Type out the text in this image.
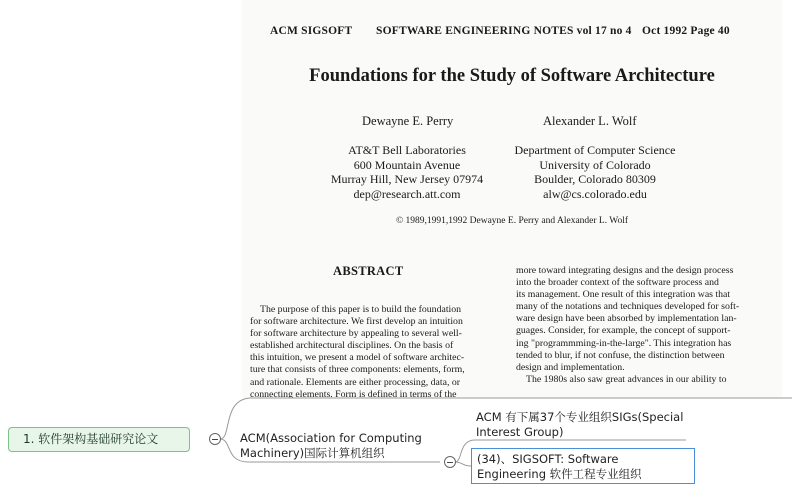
ACM SIGSOFT SOFTWARE ENGINEERING NOTES vol 17 no 4 Oct 1992 Page 40
Foundations for the Study of Software Architecture
Dewayne E. Perry	Alexander L. Wolf
AT&T Bell Laboratories
600 Mountain Avenue
Murray Hill, New Jersey 07974
dep@research.att.com
Department of Computer Science
University of Colorado
Boulder, Colorado 80309
alw@cs.colorado.edu
© 1989,1991,1992 Dewayne E. Perry and Alexander L. Wolf
ABSTRACT
The purpose of this paper is to build the foundation
for software architecture. We first develop an intuition
for software architecture by appealing to several well-
established architectural disciplines. On the basis of
this intuition, we present a model of software architec-
ture that consists of three components: elements, form,
and rationale. Elements are either processing, data, or
connecting elements. Form is defined in terms of the
more toward integrating designs and the design process
into the broader context of the software process and
its management. One result of this integration was that
many of the notations and techniques developed for soft-
ware design have been absorbed by implementation lan-
guages. Consider, for example, the concept of support-
ing "programmming-in-the-large". This integration has
tended to blur, if not confuse, the distinction between
design and implementation.
The 1980s also saw great advances in our ability to
1. 软件架构基础研究论文	ACM(Association for Computing Machinery)国际计算机组织
ACM 有下属37个专业组织SIGs(Special Interest Group)
(34)、SIGSOFT: Software Engineering 软件工程专业组织
